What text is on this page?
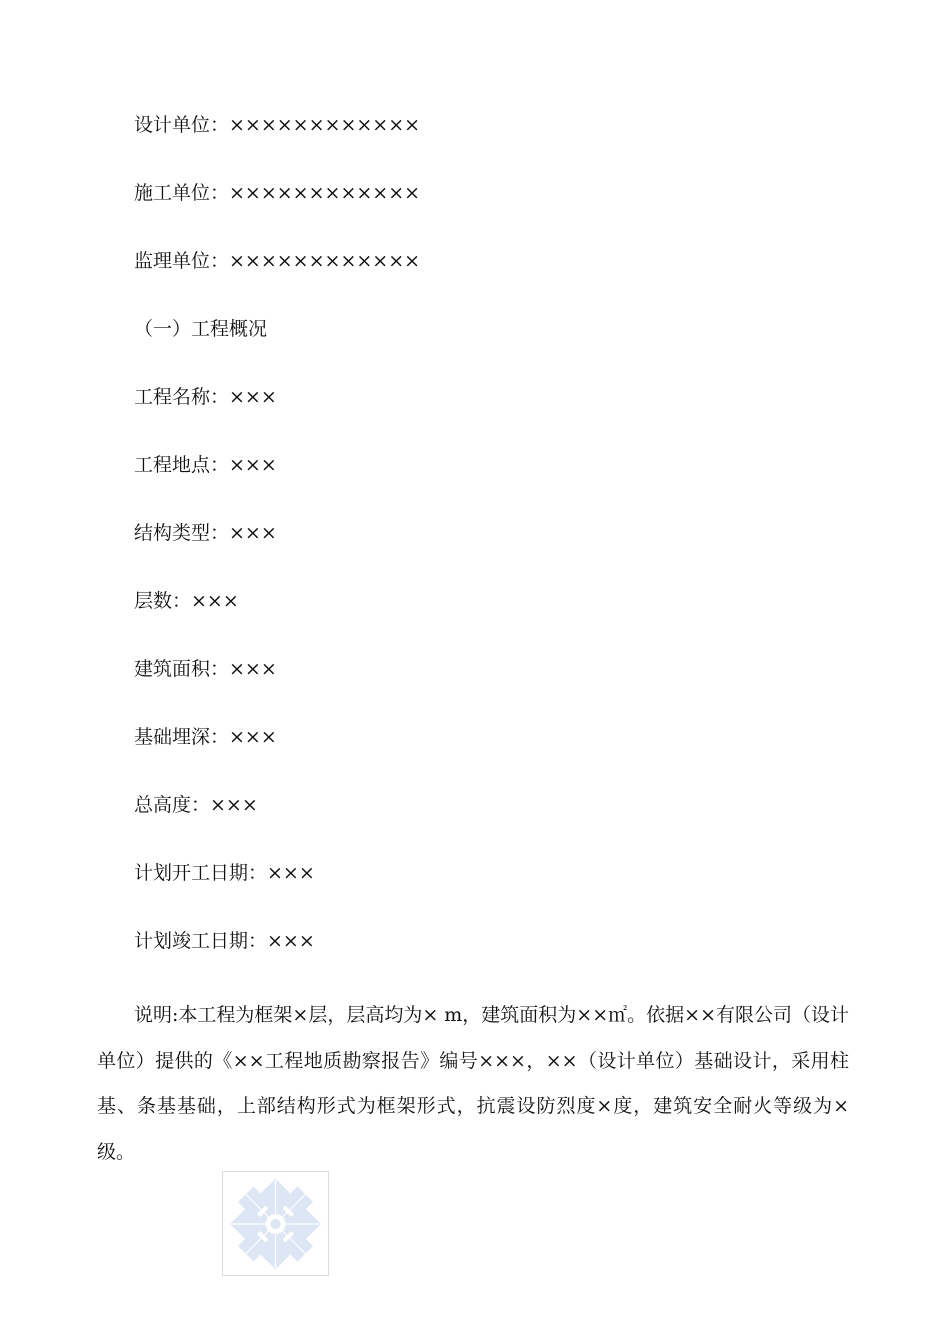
设计单位：××××××××××××
施工单位：××××××××××××
监理单位：××××××××××××
（一）工程概况
工程名称：×××
工程地点：×××
结构类型：×××
层数：×××
建筑面积：×××
基础埋深：×××
总高度：×××
计划开工日期：×××
计划竣工日期：×××

说明:本工程为框架×层，层高均为× m，建筑面积为××㎡。依据××有限公司（设计单位）提供的《××工程地质勘察报告》编号×××，××（设计单位）基础设计，采用柱基、条基基础，上部结构形式为框架形式，抗震设防烈度×度，建筑安全耐火等级为×级。
